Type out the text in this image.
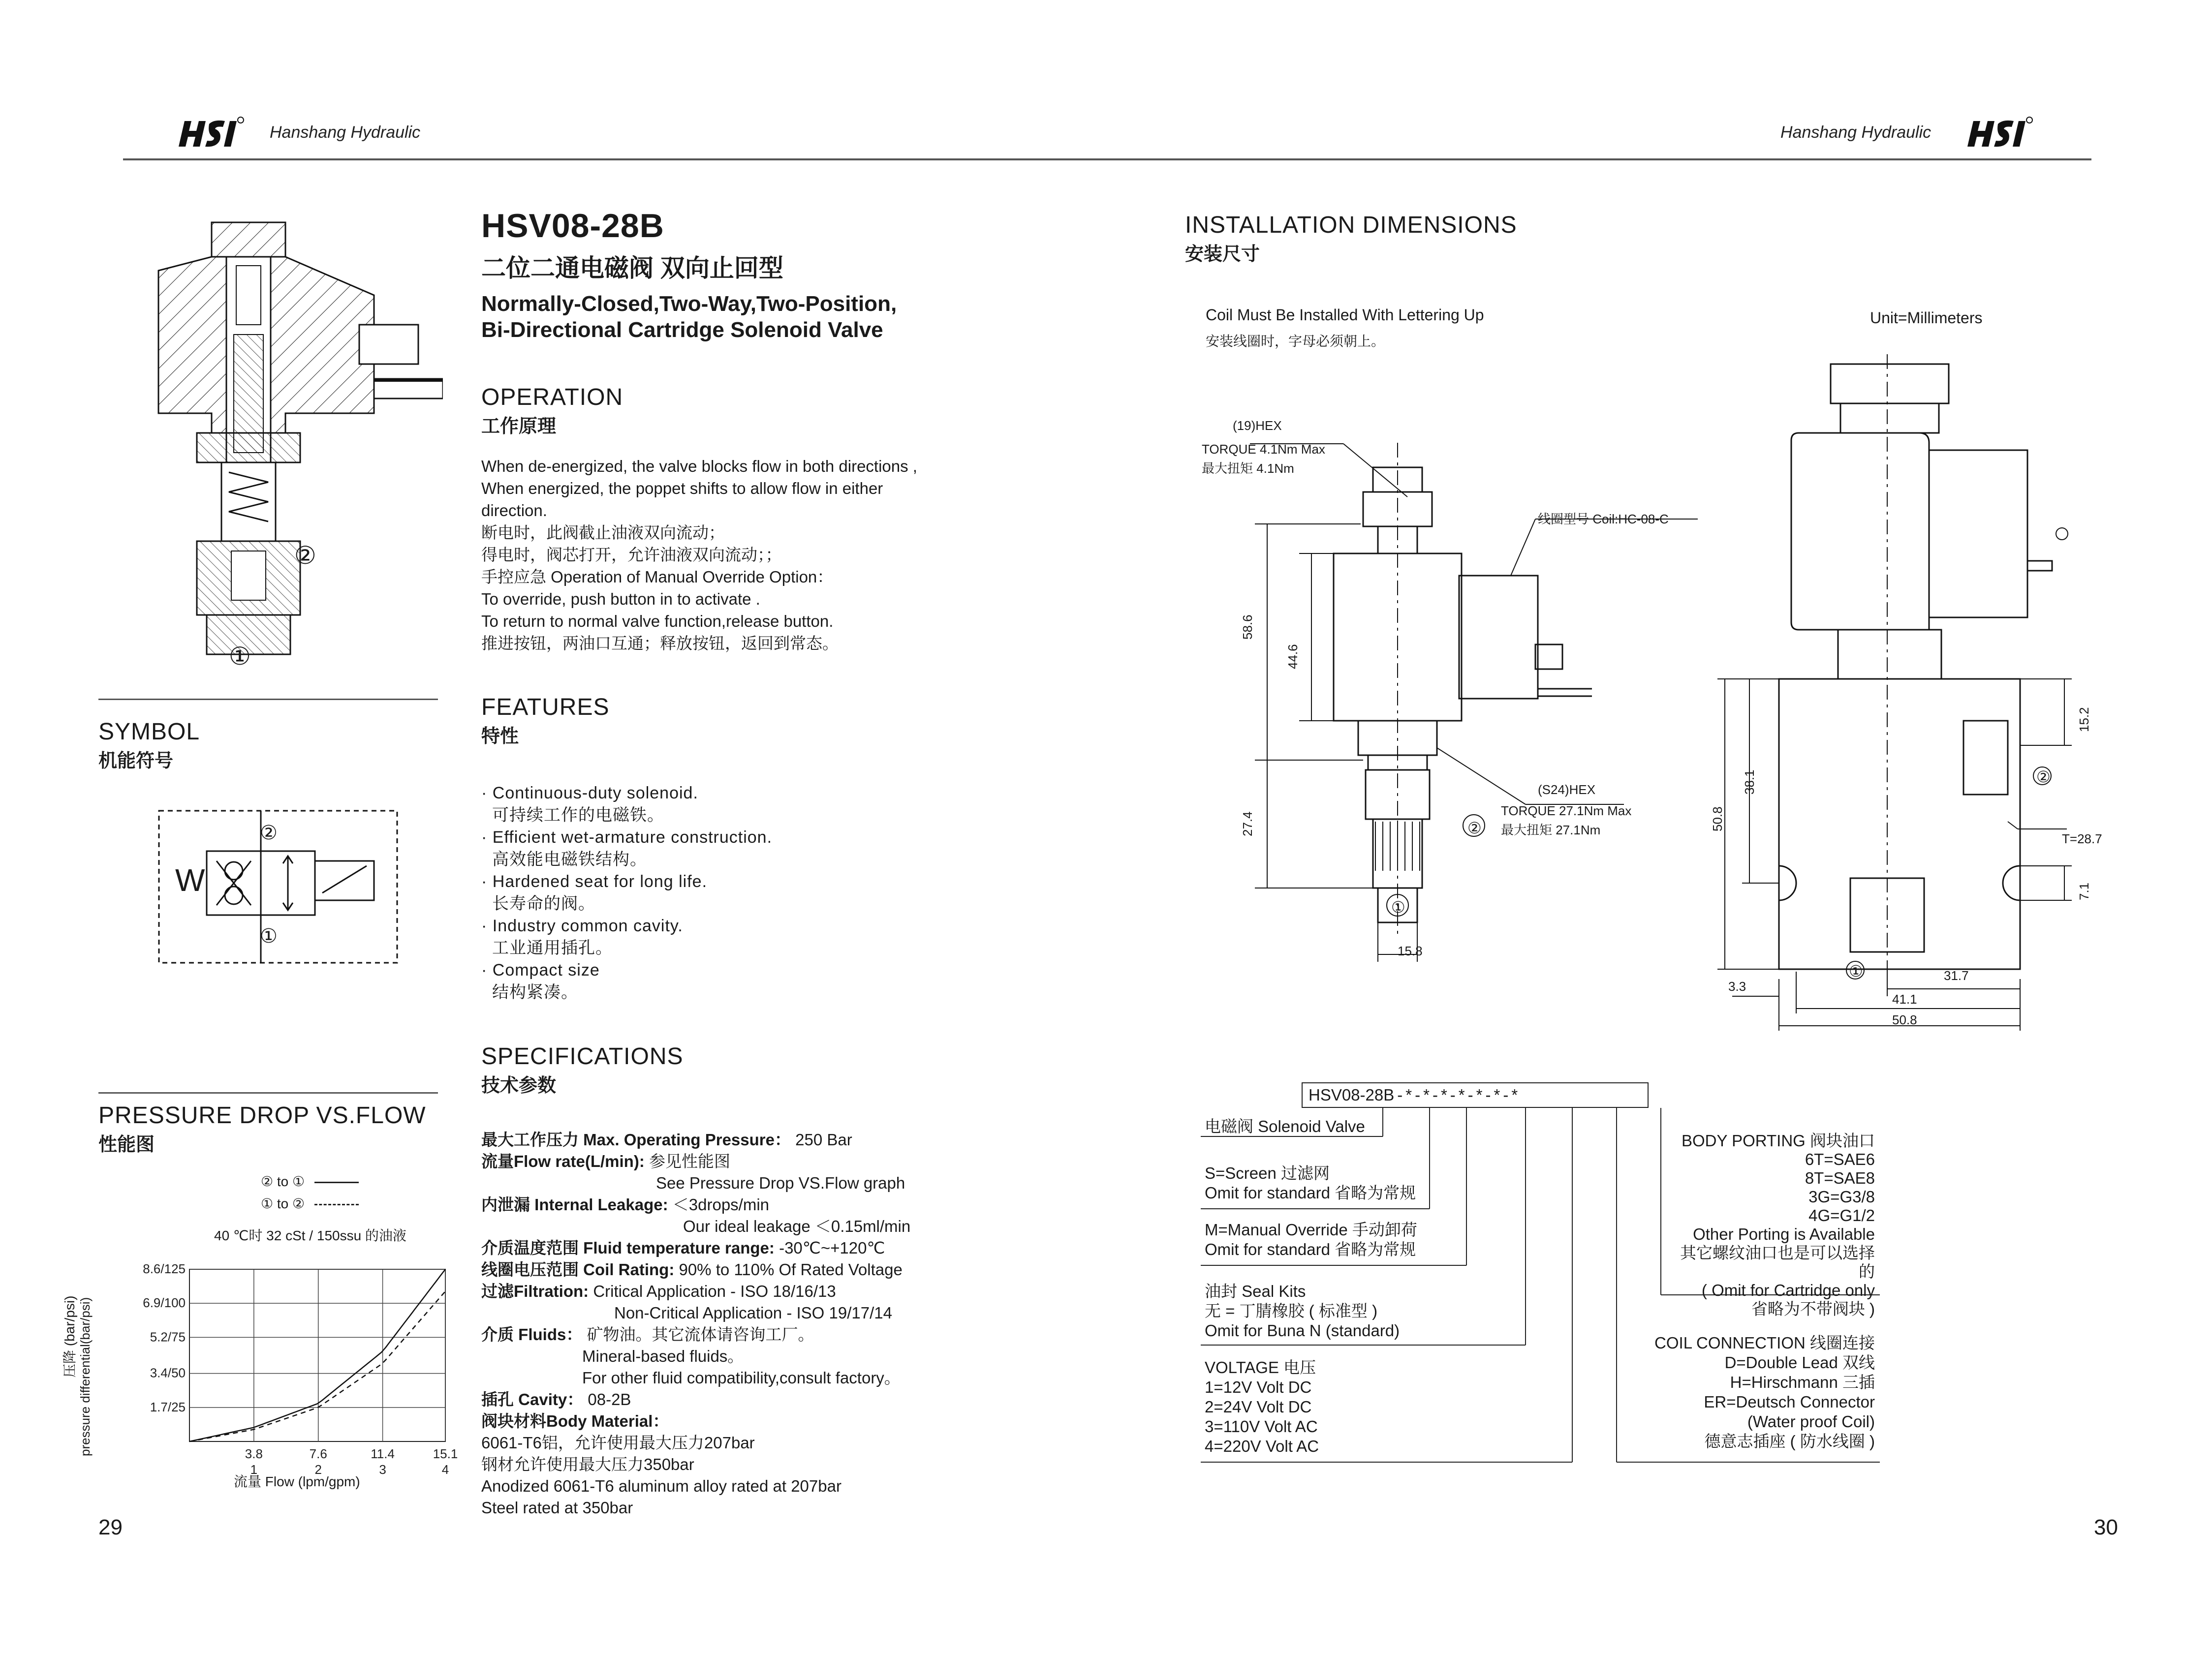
Hanshang Hydraulic	Hanshang Hydraulic
②
①
SYMBOL
机能符号
W
②
①
PRESSURE DROP VS.FLOW
性能图
② to ①
① to ②
40 ℃时 32 cSt / 150ssu 的油液
1.7/25
3.4/50
5.2/75
6.9/100
8.6/125
3.8
1
7.6
2
11.4
3
15.1
4
压降 (bar/psi) pressure differential(bar/psi)
流量 Flow (lpm/gpm)
29
HSV08-28B
二位二通电磁阀 双向止回型
Normally-Closed,Two-Way,Two-Position,
Bi-Directional Cartridge Solenoid Valve
OPERATION
工作原理
When de-energized, the valve blocks flow in both directions ,
When energized, the poppet shifts to allow flow in either
direction.
断电时，此阀截止油液双向流动；
得电时，阀芯打开，允许油液双向流动；；
手控应急 Operation of Manual Override Option：
To override, push button in to activate .
To return to normal valve function,release button.
推进按钮，两油口互通；释放按钮，返回到常态。
FEATURES
特性
· Continuous-duty solenoid.
可持续工作的电磁铁。
· Efficient wet-armature construction.
高效能电磁铁结构。
· Hardened seat for long life.
长寿命的阀。
· Industry common cavity.
工业通用插孔。
· Compact size
结构紧凑。
SPECIFICATIONS
技术参数
最大工作压力 Max. Operating Pressure： 250 Bar
流量Flow rate(L/min): 参见性能图
See Pressure Drop VS.Flow graph
内泄漏 Internal Leakage: ＜3drops/min
Our ideal leakage ＜0.15ml/min
介质温度范围 Fluid temperature range: -30℃~+120℃
线圈电压范围 Coil Rating: 90% to 110% Of Rated Voltage
过滤Filtration: Critical Application - ISO 18/16/13
Non-Critical Application - ISO 19/17/14
介质 Fluids： 矿物油。其它流体请咨询工厂。
Mineral-based fluids。
For other fluid compatibility,consult factory。
插孔 Cavity： 08-2B
阀块材料Body Material：
6061-T6铝，允许使用最大压力207bar
钢材允许使用最大压力350bar
Anodized 6061-T6 aluminum alloy rated at 207bar
Steel rated at 350bar
INSTALLATION DIMENSIONS
安装尺寸
Coil Must Be Installed With Lettering Up
安装线圈时，字母必须朝上。
Unit=Millimeters
(19)HEX
TORQUE 4.1Nm Max
最大扭矩 4.1Nm
线圈型号 Coil:HC-08-C
(S24)HEX
TORQUE 27.1Nm Max
最大扭矩 27.1Nm
58.6
44.6
27.4
15.8
②
①
15.2
38.1
50.8
T=28.7
7.1
31.7
3.3
41.1
50.8
②
①
HSV08-28B - * - * - * - * - * - * - *
电磁阀 Solenoid Valve
S=Screen 过滤网
Omit for standard 省略为常规
M=Manual Override 手动卸荷
Omit for standard 省略为常规
油封 Seal Kits
无 = 丁腈橡胶 ( 标准型 )
Omit for Buna N (standard)
VOLTAGE 电压
1=12V Volt DC
2=24V Volt DC
3=110V Volt AC
4=220V Volt AC
BODY PORTING 阀块油口
6T=SAE6
8T=SAE8
3G=G3/8
4G=G1/2
Other Porting is Available
其它螺纹油口也是可以选择的
( Omit for Cartridge only
省略为不带阀块 )
COIL CONNECTION 线圈连接
D=Double Lead 双线
H=Hirschmann 三插
ER=Deutsch Connector
(Water proof Coil)
德意志插座 ( 防水线圈 )
30
